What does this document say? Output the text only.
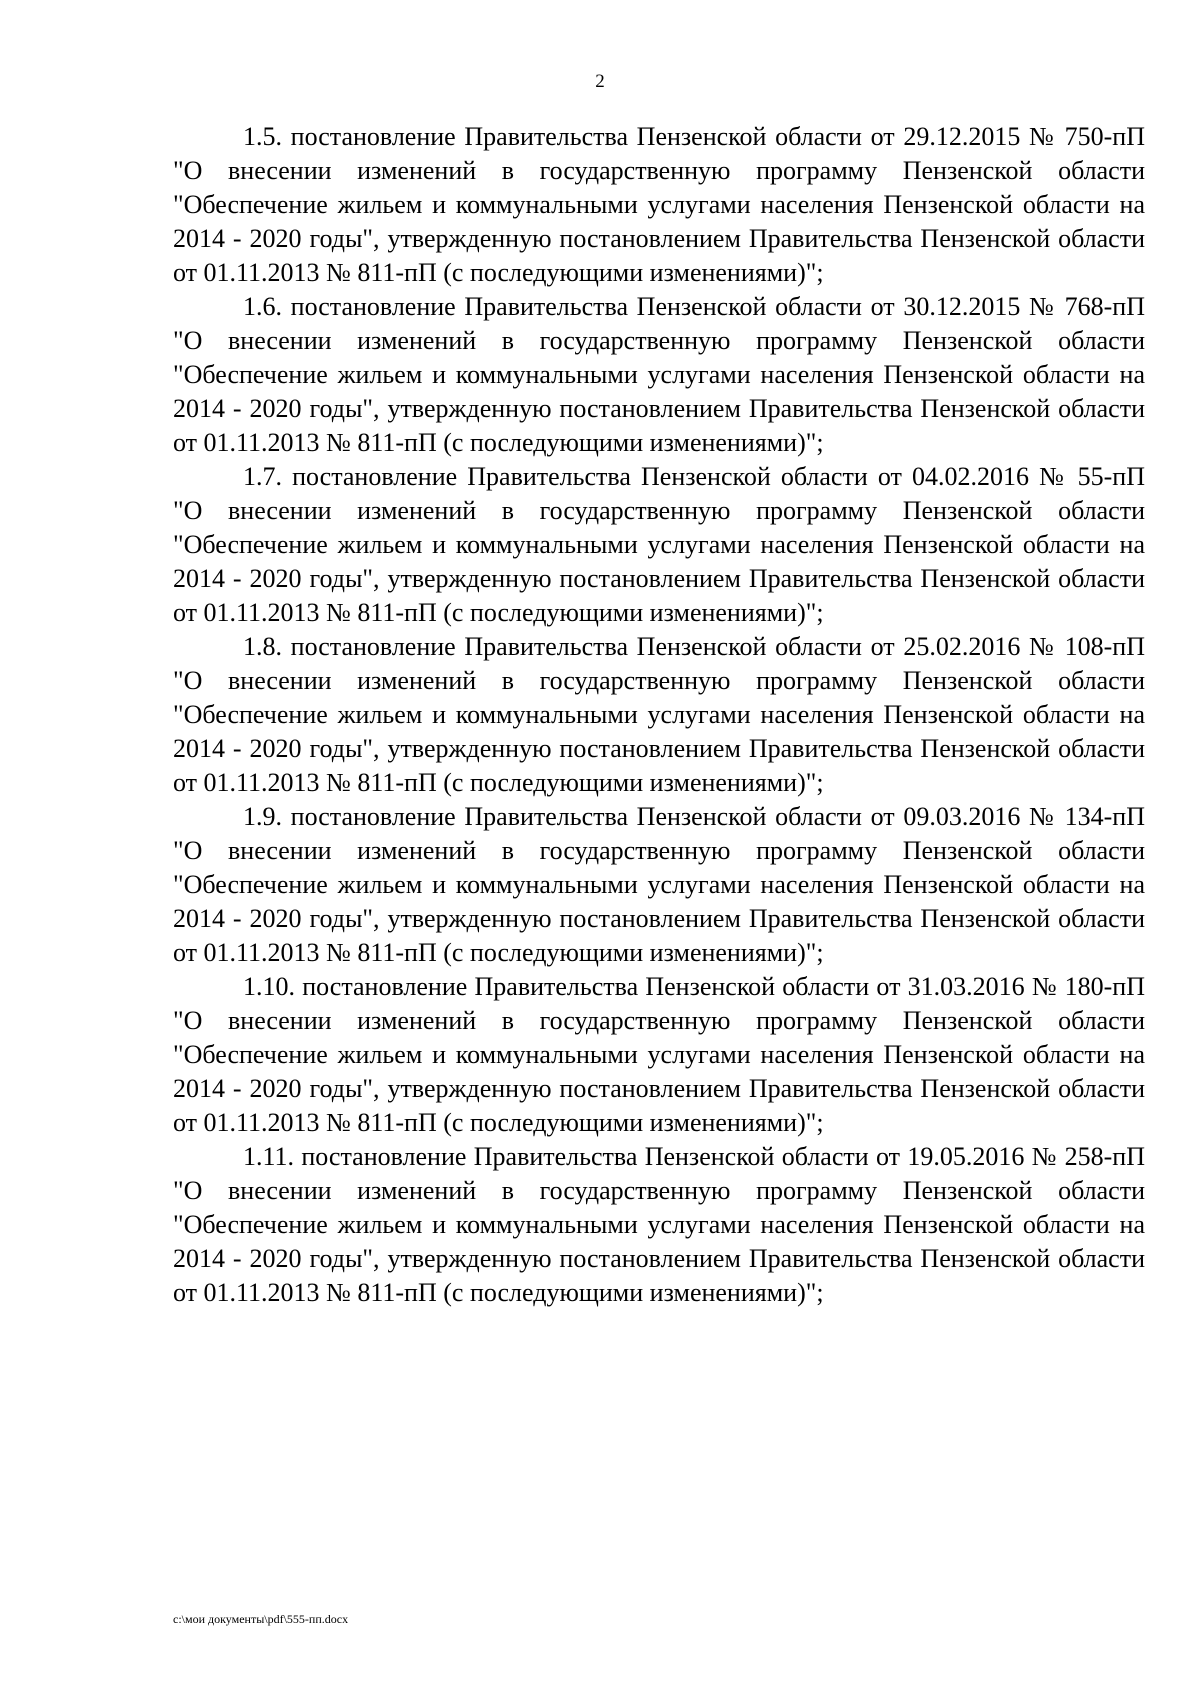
2

1.5. постановление Правительства Пензенской области от 29.12.2015 № 750-пП "О внесении изменений в государственную программу Пензенской области "Обеспечение жильем и коммунальными услугами населения Пензенской области на 2014 - 2020 годы", утвержденную постановлением Правительства Пензенской области от 01.11.2013 № 811-пП (с последующими изменениями)";

1.6. постановление Правительства Пензенской области от 30.12.2015 № 768-пП "О внесении изменений в государственную программу Пензенской области "Обеспечение жильем и коммунальными услугами населения Пензенской области на 2014 - 2020 годы", утвержденную постановлением Правительства Пензенской области от 01.11.2013 № 811-пП (с последующими изменениями)";

1.7. постановление Правительства Пензенской области от 04.02.2016 № 55-пП "О внесении изменений в государственную программу Пензенской области "Обеспечение жильем и коммунальными услугами населения Пензенской области на 2014 - 2020 годы", утвержденную постановлением Правительства Пензенской области от 01.11.2013 № 811-пП (с последующими изменениями)";

1.8. постановление Правительства Пензенской области от 25.02.2016 № 108-пП "О внесении изменений в государственную программу Пензенской области "Обеспечение жильем и коммунальными услугами населения Пензенской области на 2014 - 2020 годы", утвержденную постановлением Правительства Пензенской области от 01.11.2013 № 811-пП (с последующими изменениями)";

1.9. постановление Правительства Пензенской области от 09.03.2016 № 134-пП "О внесении изменений в государственную программу Пензенской области "Обеспечение жильем и коммунальными услугами населения Пензенской области на 2014 - 2020 годы", утвержденную постановлением Правительства Пензенской области от 01.11.2013 № 811-пП (с последующими изменениями)";

1.10. постановление Правительства Пензенской области от 31.03.2016 № 180-пП "О внесении изменений в государственную программу Пензенской области "Обеспечение жильем и коммунальными услугами населения Пензенской области на 2014 - 2020 годы", утвержденную постановлением Правительства Пензенской области от 01.11.2013 № 811-пП (с последующими изменениями)";

1.11. постановление Правительства Пензенской области от 19.05.2016 № 258-пП "О внесении изменений в государственную программу Пензенской области "Обеспечение жильем и коммунальными услугами населения Пензенской области на 2014 - 2020 годы", утвержденную постановлением Правительства Пензенской области от 01.11.2013 № 811-пП (с последующими изменениями)";

c:\мои документы\pdf\555-пп.docx
